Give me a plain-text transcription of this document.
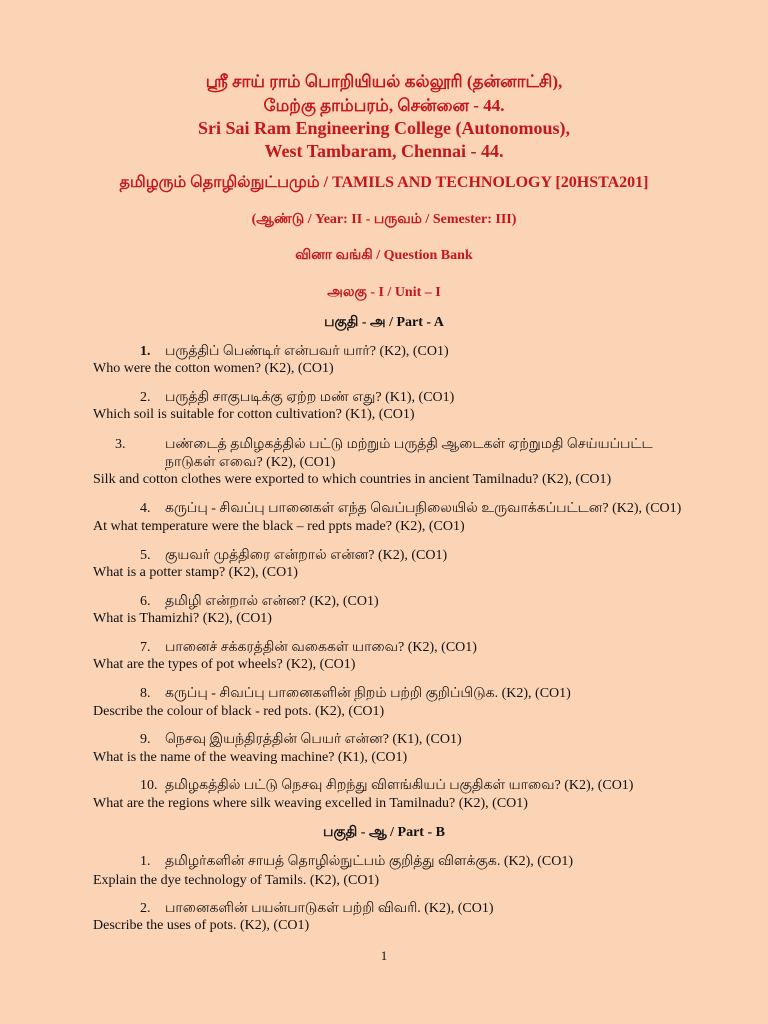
ஸ்ரீ சாய் ராம் பொறியியல் கல்லூரி (தன்னாட்சி),
மேற்கு தாம்பரம், சென்னை - 44.
Sri Sai Ram Engineering College (Autonomous),
West Tambaram, Chennai - 44.
தமிழரும் தொழில்நுட்பமும் / TAMILS AND TECHNOLOGY [20HSTA201]
(ஆண்டு / Year: II - பருவம் / Semester: III)
வினா வங்கி / Question Bank
அலகு - I / Unit – I
பகுதி - அ / Part - A
1. பருத்திப் பெண்டிர் என்பவர் யார்? (K2), (CO1)
Who were the cotton women? (K2), (CO1)
2. பருத்தி சாகுபடிக்கு ஏற்ற மண் எது? (K1), (CO1)
Which soil is suitable for cotton cultivation? (K1), (CO1)
3.	பண்டைத் தமிழகத்தில் பட்டு மற்றும் பருத்தி ஆடைகள் ஏற்றுமதி செய்யப்பட்ட நாடுகள் எவை? (K2), (CO1)
Silk and cotton clothes were exported to which countries in ancient Tamilnadu? (K2), (CO1)
4. கருப்பு - சிவப்பு பானைகள் எந்த வெப்பநிலையில் உருவாக்கப்பட்டன? (K2), (CO1)
At what temperature were the black – red ppts made? (K2), (CO1)
5. குயவர் முத்திரை என்றால் என்ன? (K2), (CO1)
What is a potter stamp? (K2), (CO1)
6. தமிழி என்றால் என்ன? (K2), (CO1)
What is Thamizhi? (K2), (CO1)
7. பானைச் சக்கரத்தின் வகைகள் யாவை? (K2), (CO1)
What are the types of pot wheels? (K2), (CO1)
8. கருப்பு - சிவப்பு பானைகளின் நிறம் பற்றி குறிப்பிடுக. (K2), (CO1)
Describe the colour of black - red pots. (K2), (CO1)
9. நெசவு இயந்திரத்தின் பெயர் என்ன? (K1), (CO1)
What is the name of the weaving machine? (K1), (CO1)
10. தமிழகத்தில் பட்டு நெசவு சிறந்து விளங்கியப் பகுதிகள் யாவை? (K2), (CO1)
What are the regions where silk weaving excelled in Tamilnadu? (K2), (CO1)
பகுதி - ஆ / Part - B
1. தமிழர்களின் சாயத் தொழில்நுட்பம் குறித்து விளக்குக. (K2), (CO1)
Explain the dye technology of Tamils. (K2), (CO1)
2. பானைகளின் பயன்பாடுகள் பற்றி விவரி. (K2), (CO1)
Describe the uses of pots. (K2), (CO1)
1
